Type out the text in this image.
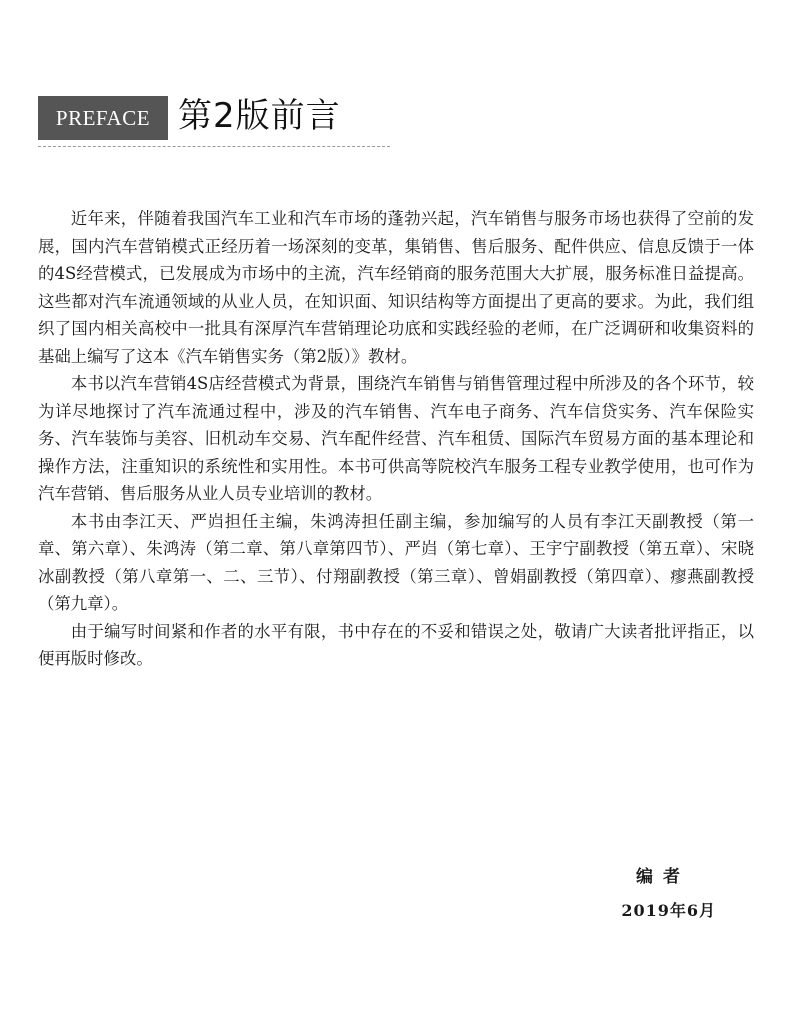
PREFACE 第2版前言

近年来，伴随着我国汽车工业和汽车市场的蓬勃兴起，汽车销售与服务市场也获得了空前的发展，国内汽车营销模式正经历着一场深刻的变革，集销售、售后服务、配件供应、信息反馈于一体的4S经营模式，已发展成为市场中的主流，汽车经销商的服务范围大大扩展，服务标准日益提高。这些都对汽车流通领域的从业人员，在知识面、知识结构等方面提出了更高的要求。为此，我们组织了国内相关高校中一批具有深厚汽车营销理论功底和实践经验的老师，在广泛调研和收集资料的基础上编写了这本《汽车销售实务（第2版）》教材。

本书以汽车营销4S店经营模式为背景，围绕汽车销售与销售管理过程中所涉及的各个环节，较为详尽地探讨了汽车流通过程中，涉及的汽车销售、汽车电子商务、汽车信贷实务、汽车保险实务、汽车装饰与美容、旧机动车交易、汽车配件经营、汽车租赁、国际汽车贸易方面的基本理论和操作方法，注重知识的系统性和实用性。本书可供高等院校汽车服务工程专业教学使用，也可作为汽车营销、售后服务从业人员专业培训的教材。

本书由李江天、严岿担任主编，朱鸿涛担任副主编，参加编写的人员有李江天副教授（第一章、第六章）、朱鸿涛（第二章、第八章第四节）、严岿（第七章）、王宇宁副教授（第五章）、宋晓冰副教授（第八章第一、二、三节）、付翔副教授（第三章）、曾娟副教授（第四章）、瘳燕副教授（第九章）。

由于编写时间紧和作者的水平有限，书中存在的不妥和错误之处，敬请广大读者批评指正，以便再版时修改。

编者
2019年6月
